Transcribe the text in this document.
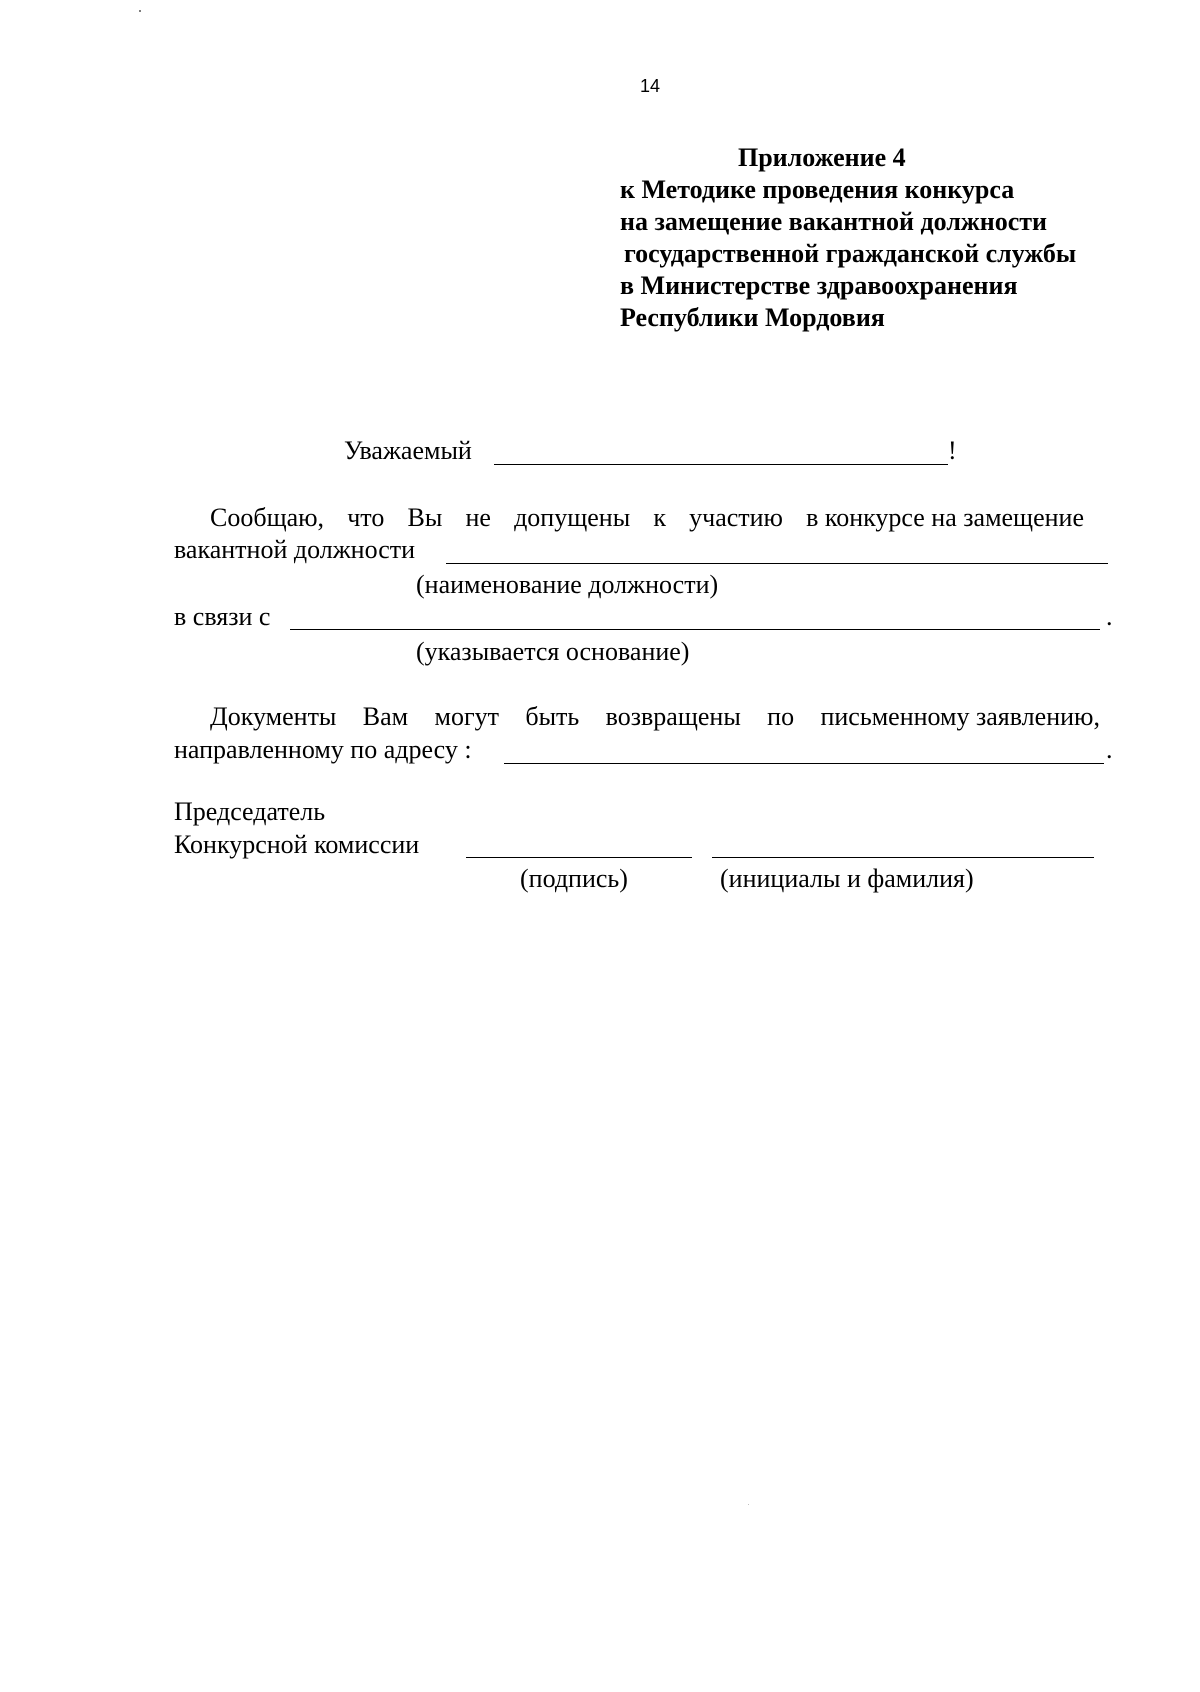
14
Приложение 4
к Методике проведения конкурса
на замещение вакантной должности
государственной гражданской службы
в Министерстве здравоохранения
Республики Мордовия
Уважаемый	!
Сообщаю, что Вы не допущены к участию в конкурсе на замещение
вакантной должности
(наименование должности)
в связи с	.
(указывается основание)
Документы Вам могут быть возвращены по письменному заявлению,
направленному по адресу :	.
Председатель
Конкурсной комиссии
(подпись)	(инициалы и фамилия)
